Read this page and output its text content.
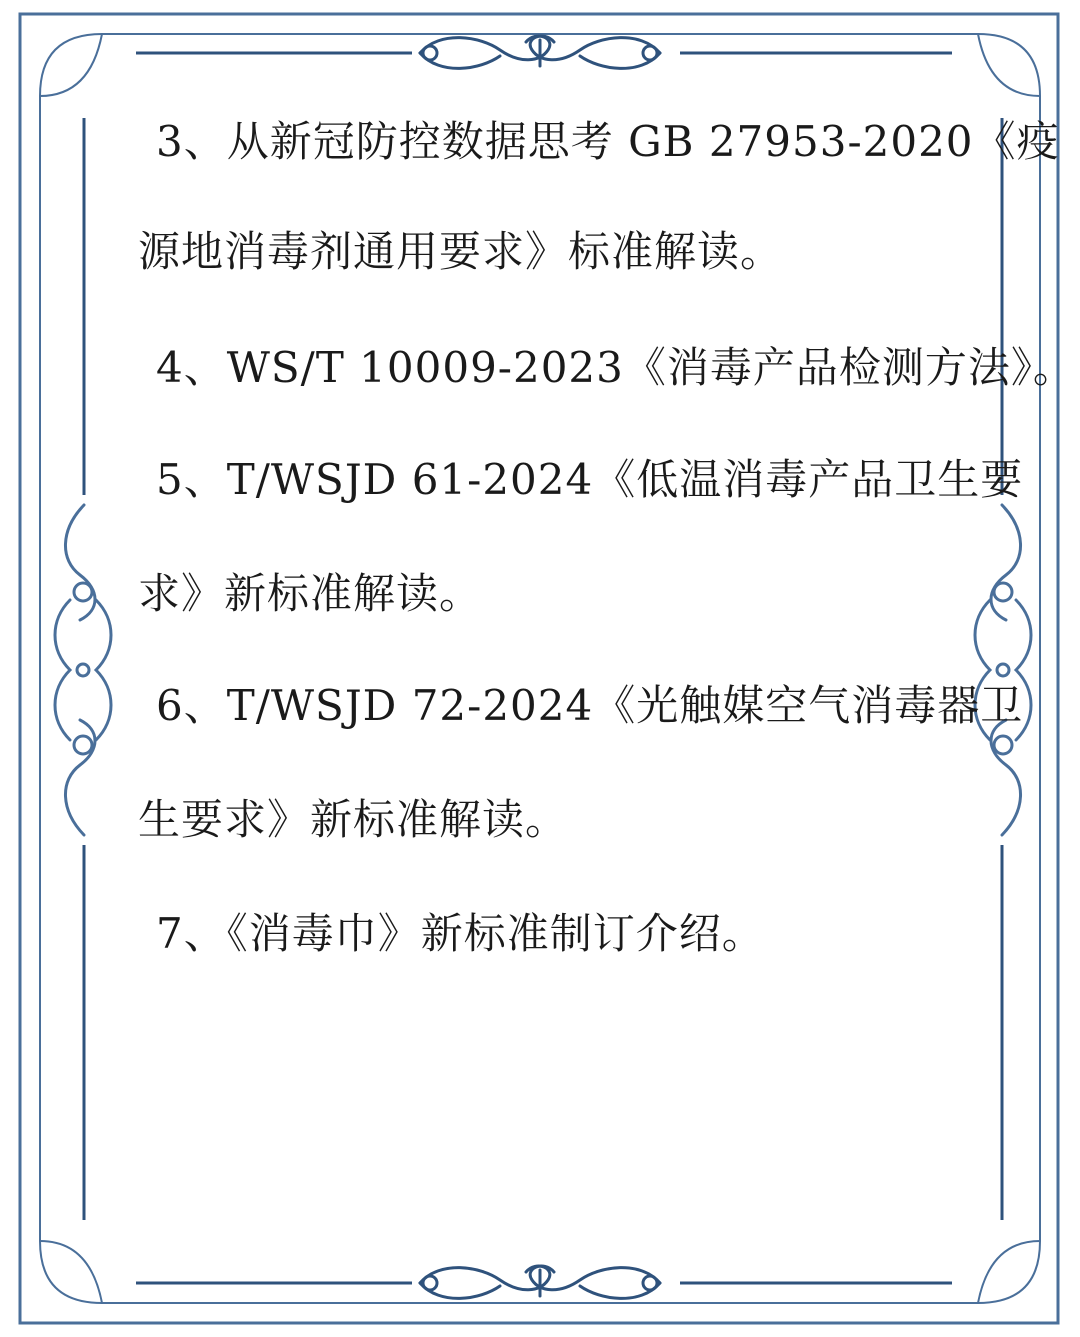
3、从新冠防控数据思考 GB 27953-2020《疫
源地消毒剂通用要求》标准解读。
4、WS/T 10009-2023《消毒产品检测方法》。
5、T/WSJD 61-2024《低温消毒产品卫生要
求》新标准解读。
6、T/WSJD 72-2024《光触媒空气消毒器卫
生要求》新标准解读。
7、《消毒巾》新标准制订介绍。
